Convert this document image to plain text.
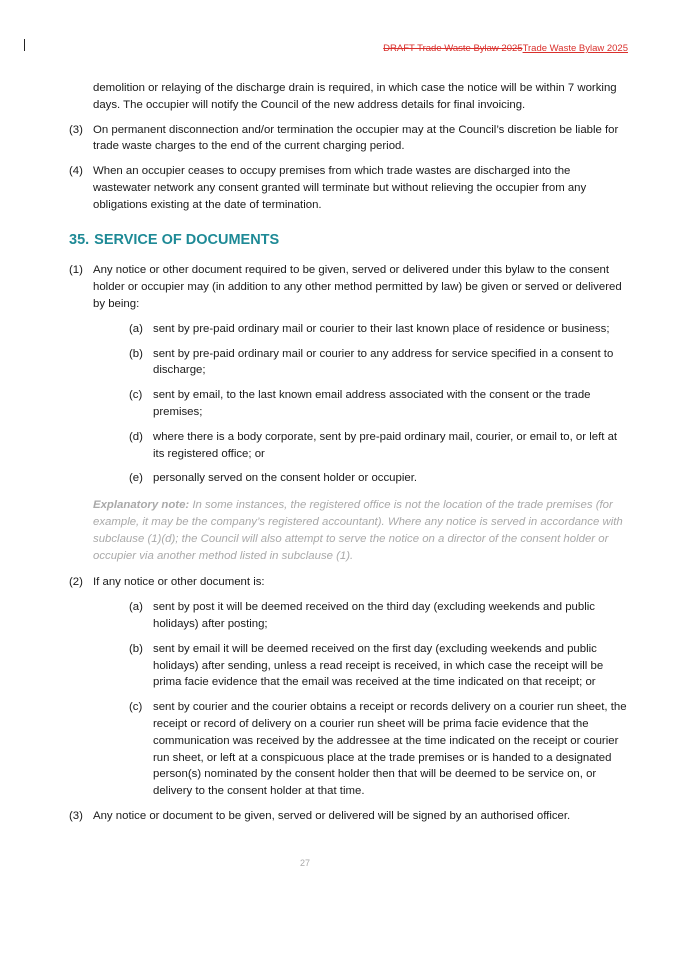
DRAFT Trade Waste Bylaw 2025Trade Waste Bylaw 2025

demolition or relaying of the discharge drain is required, in which case the notice will be within 7 working days. The occupier will notify the Council of the new address details for final invoicing.

(3) On permanent disconnection and/or termination the occupier may at the Council’s discretion be liable for trade waste charges to the end of the current charging period.
(4) When an occupier ceases to occupy premises from which trade wastes are discharged into the wastewater network any consent granted will terminate but without relieving the occupier from any obligations existing at the date of termination.
35. SERVICE OF DOCUMENTS
(1) Any notice or other document required to be given, served or delivered under this bylaw to the consent holder or occupier may (in addition to any other method permitted by law) be given or served or delivered by being:
(a) sent by pre-paid ordinary mail or courier to their last known place of residence or business;
(b) sent by pre-paid ordinary mail or courier to any address for service specified in a consent to discharge;
(c) sent by email, to the last known email address associated with the consent or the trade premises;
(d) where there is a body corporate, sent by pre-paid ordinary mail, courier, or email to, or left at its registered office; or
(e) personally served on the consent holder or occupier.

Explanatory note: In some instances, the registered office is not the location of the trade premises (for example, it may be the company’s registered accountant). Where any notice is served in accordance with subclause (1)(d); the Council will also attempt to serve the notice on a director of the consent holder or occupier via another method listed in subclause (1).

(2) If any notice or other document is:
(a) sent by post it will be deemed received on the third day (excluding weekends and public holidays) after posting;
(b) sent by email it will be deemed received on the first day (excluding weekends and public holidays) after sending, unless a read receipt is received, in which case the receipt will be prima facie evidence that the email was received at the time indicated on that receipt; or
(c) sent by courier and the courier obtains a receipt or records delivery on a courier run sheet, the receipt or record of delivery on a courier run sheet will be prima facie evidence that the communication was received by the addressee at the time indicated on the receipt or courier run sheet, or left at a conspicuous place at the trade premises or is handed to a designated person(s) nominated by the consent holder then that will be deemed to be service on, or delivery to the consent holder at that time.
(3) Any notice or document to be given, served or delivered will be signed by an authorised officer.
27
